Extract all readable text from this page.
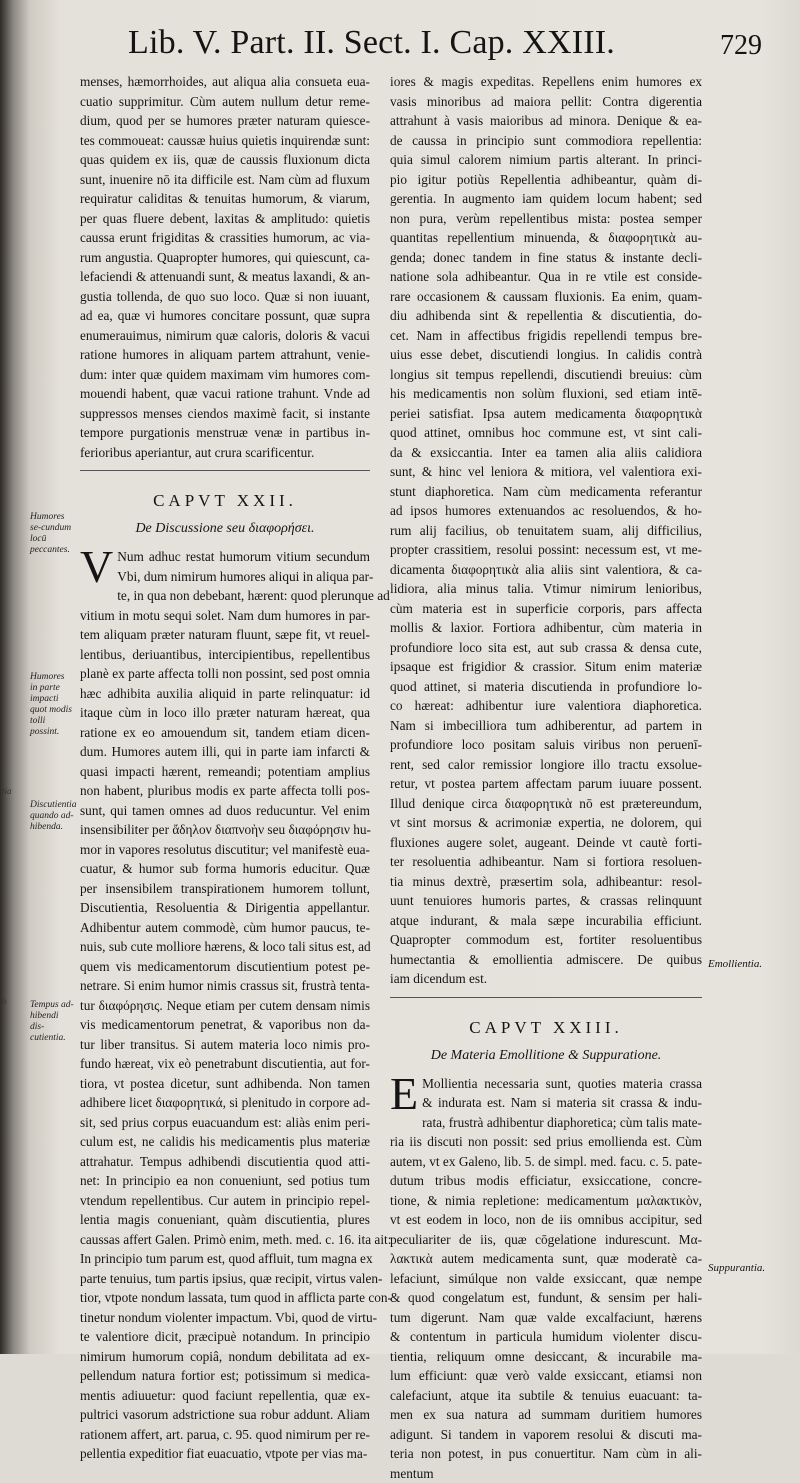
Lib. V. Part. II. Sect. I. Cap. XXIII.	729
menses, hæmorrhoides, aut aliqua alia consueta eua-
cuatio supprimitur. Cùm autem nullum detur reme-
dium, quod per se humores præter naturam quiesce-
tes commoueat: caussæ huius quietis inquirendæ sunt:
quas quidem ex iis, quæ de caussis fluxionum dicta
sunt, inuenire nō ita difficile est. Nam cùm ad fluxum
requiratur caliditas & tenuitas humorum, & viarum,
per quas fluere debent, laxitas & amplitudo: quietis
caussa erunt frigiditas & crassities humorum, ac via-
rum angustia. Quapropter humores, qui quiescunt, ca-
lefaciendi & attenuandi sunt, & meatus laxandi, & an-
gustia tollenda, de quo suo loco. Quæ si non iuuant,
ad ea, quæ vi humores concitare possunt, quæ supra
enumerauimus, nimirum quæ caloris, doloris & vacui
ratione humores in aliquam partem attrahunt, venie-
dum: inter quæ quidem maximam vim humores com-
mouendi habent, quæ vacui ratione trahunt. Vnde ad
suppressos menses ciendos maximè facit, si instante
tempore purgationis menstruæ venæ in partibus in-
ferioribus aperiantur, aut crura scarificentur.
CAPVT XXII.
De Discussione seu διαφορήσει.
V Num adhuc restat humorum vitium secundum
Vbi, dum nimirum humores aliqui in aliqua par-
te, in qua non debebant, hærent: quod plerunque ad
vitium in motu sequi solet. Nam dum humores in par-
tem aliquam præter naturam fluunt, sæpe fit, vt reuel-
lentibus, deriuantibus, intercipientibus, repellentibus
planè ex parte affecta tolli non possint, sed post omnia
hæc adhibita auxilia aliquid in parte relinquatur: id
itaque cùm in loco illo præter naturam hæreat, qua
ratione ex eo amouendum sit, tandem etiam dicen-
dum. Humores autem illi, qui in parte iam infarcti &
quasi impacti hærent, remeandi; potentiam amplius
non habent, pluribus modis ex parte affecta tolli pos-
sunt, qui tamen omnes ad duos reducuntur. Vel enim
insensibiliter per ἄδηλον διαπνοὴν seu διαφόρησιν hu-
mor in vapores resolutus discutitur; vel manifestè eua-
cuatur, & humor sub forma humoris educitur. Quæ
per insensibilem transpirationem humorem tollunt,
Discutientia, Resoluentia & Dirigentia appellantur.
Adhibentur autem commodè, cùm humor paucus, te-
nuis, sub cute molliore hærens, & loco tali situs est, ad
quem vis medicamentorum discutientium potest pe-
netrare. Si enim humor nimis crassus sit, frustrà tenta-
tur διαφόρησις. Neque etiam per cutem densam nimis
vis medicamentorum penetrat, & vaporibus non da-
tur liber transitus. Si autem materia loco nimis pro-
fundo hæreat, vix eò penetrabunt discutientia, aut for-
tiora, vt postea dicetur, sunt adhibenda. Non tamen
adhibere licet διαφορητικά, si plenitudo in corpore ad-
sit, sed prius corpus euacuandum est: aliàs enim peri-
culum est, ne calidis his medicamentis plus materiæ
attrahatur. Tempus adhibendi discutientia quod atti-
net: In principio ea non conueniunt, sed potius tum
vtendum repellentibus. Cur autem in principio repel-
lentia magis conueniant, quàm discutientia, plures
caussas affert Galen. Primò enim, meth. med. c. 16. ita ait:
In principio tum parum est, quod affluit, tum magna ex
parte tenuius, tum partis ipsius, quæ recipit, virtus valen-
tior, vtpote nondum lassata, tum quod in afflicta parte con-
tinetur nondum violenter impactum. Vbi, quod de virtu-
te valentiore dicit, præcipuè notandum. In principio
nimirum humorum copiâ, nondum debilitata ad ex-
pellendum natura fortior est; potissimum si medica-
mentis adiuuetur: quod faciunt repellentia, quæ ex-
pultrici vasorum adstrictione sua robur addunt. Aliam
rationem affert, art. parua, c. 95. quod nimirum per re-
pellentia expeditior fiat euacuatio, vtpote per vias ma-
iores & magis expeditas. Repellens enim humores ex
vasis minoribus ad maiora pellit: Contra digerentia
attrahunt à vasis maioribus ad minora. Denique & ea-
de caussa in principio sunt commodiora repellentia:
quia simul calorem nimium partis alterant. In princi-
pio igitur potiùs Repellentia adhibeantur, quàm di-
gerentia. In augmento iam quidem locum habent; sed
non pura, verùm repellentibus mista: postea semper
quantitas repellentium minuenda, & διαφορητικὰ au-
genda; donec tandem in fine status & instante decli-
natione sola adhibeantur. Qua in re vtile est conside-
rare occasionem & caussam fluxionis. Ea enim, quam-
diu adhibenda sint & repellentia & discutientia, do-
cet. Nam in affectibus frigidis repellendi tempus bre-
uius esse debet, discutiendi longius. In calidis contrà
longius sit tempus repellendi, discutiendi breuius: cùm
his medicamentis non solùm fluxioni, sed etiam intē-
periei satisfiat. Ipsa autem medicamenta διαφορητικὰ
quod attinet, omnibus hoc commune est, vt sint cali-
da & exsiccantia. Inter ea tamen alia aliis calidiora
sunt, & hinc vel leniora & mitiora, vel valentiora exi-
stunt diaphoretica. Nam cùm medicamenta referantur
ad ipsos humores extenuandos ac resoluendos, & ho-
rum alij facilius, ob tenuitatem suam, alij difficilius,
propter crassitiem, resolui possint: necessum est, vt me-
dicamenta διαφορητικὰ alia aliis sint valentiora, & ca-
lidiora, alia minus talia. Vtimur nimirum lenioribus,
cùm materia est in superficie corporis, pars affecta
mollis & laxior. Fortiora adhibentur, cùm materia in
profundiore loco sita est, aut sub crassa & densa cute,
ipsaque est frigidior & crassior. Situm enim materiæ
quod attinet, si materia discutienda in profundiore lo-
co hæreat: adhibentur iure valentiora diaphoretica.
Nam si imbecilliora tum adhiberentur, ad partem in
profundiore loco positam saluis viribus non peruenī-
rent, sed calor remissior longiore illo tractu exsolue-
retur, vt postea partem affectam parum iuuare possent.
Illud denique circa διαφορητικὰ nō est prætereundum,
vt sint morsus & acrimoniæ expertia, ne dolorem, qui
fluxiones augere solet, augeant. Deinde vt cautè forti-
ter resoluentia adhibeantur. Nam si fortiora resoluen-
tia minus dextrè, præsertim sola, adhibeantur: resol-
uunt tenuiores humoris partes, & crassas relinquunt
atque indurant, & mala sæpe incurabilia efficiunt.
Quapropter commodum est, fortiter resoluentibus
humectantia & emollientia admiscere. De quibus
iam dicendum est.
CAPVT XXIII.
De Materia Emollitione & Suppuratione.
E Mollientia necessaria sunt, quoties materia crassa
& indurata est. Nam si materia sit crassa & indu-
rata, frustrà adhibentur diaphoretica; cùm talis mate-
ria iis discuti non possit: sed prius emollienda est. Cùm
autem, vt ex Galeno, lib. 5. de simpl. med. facu. c. 5. pate-
dutum tribus modis efficiatur, exsiccatione, concre-
tione, & nimia repletione: medicamentum μαλακτικὸν,
vt est eodem in loco, non de iis omnibus accipitur, sed
peculiariter de iis, quæ cōgelatione indurescunt. Μα-
λακτικὰ autem medicamenta sunt, quæ moderatè ca-
lefaciunt, simúlque non valde exsiccant, quæ nempe
& quod congelatum est, fundunt, & sensim per hali-
tum digerunt. Nam quæ valde excalfaciunt, hærens
& contentum in particula humidum violenter discu-
tientia, reliquum omne desiccant, & incurabile ma-
lum efficiunt: quæ verò valde exsiccant, etiamsi non
calefaciunt, atque ita subtile & tenuius euacuant: ta-
men ex sua natura ad summam duritiem humores
adigunt. Si tandem in vaporem resolui & discuti ma-
teria non potest, in pus conuertitur. Nam cùm in ali-
mentum
Humores se-cundum locū peccantes.
Humores in parte impacti quot modis tolli possint.
Discutientia quando ad-hibenda.
Tempus ad-hibendi dis-cutientia.
Emollientia.
Suppurantia.
tia
o
